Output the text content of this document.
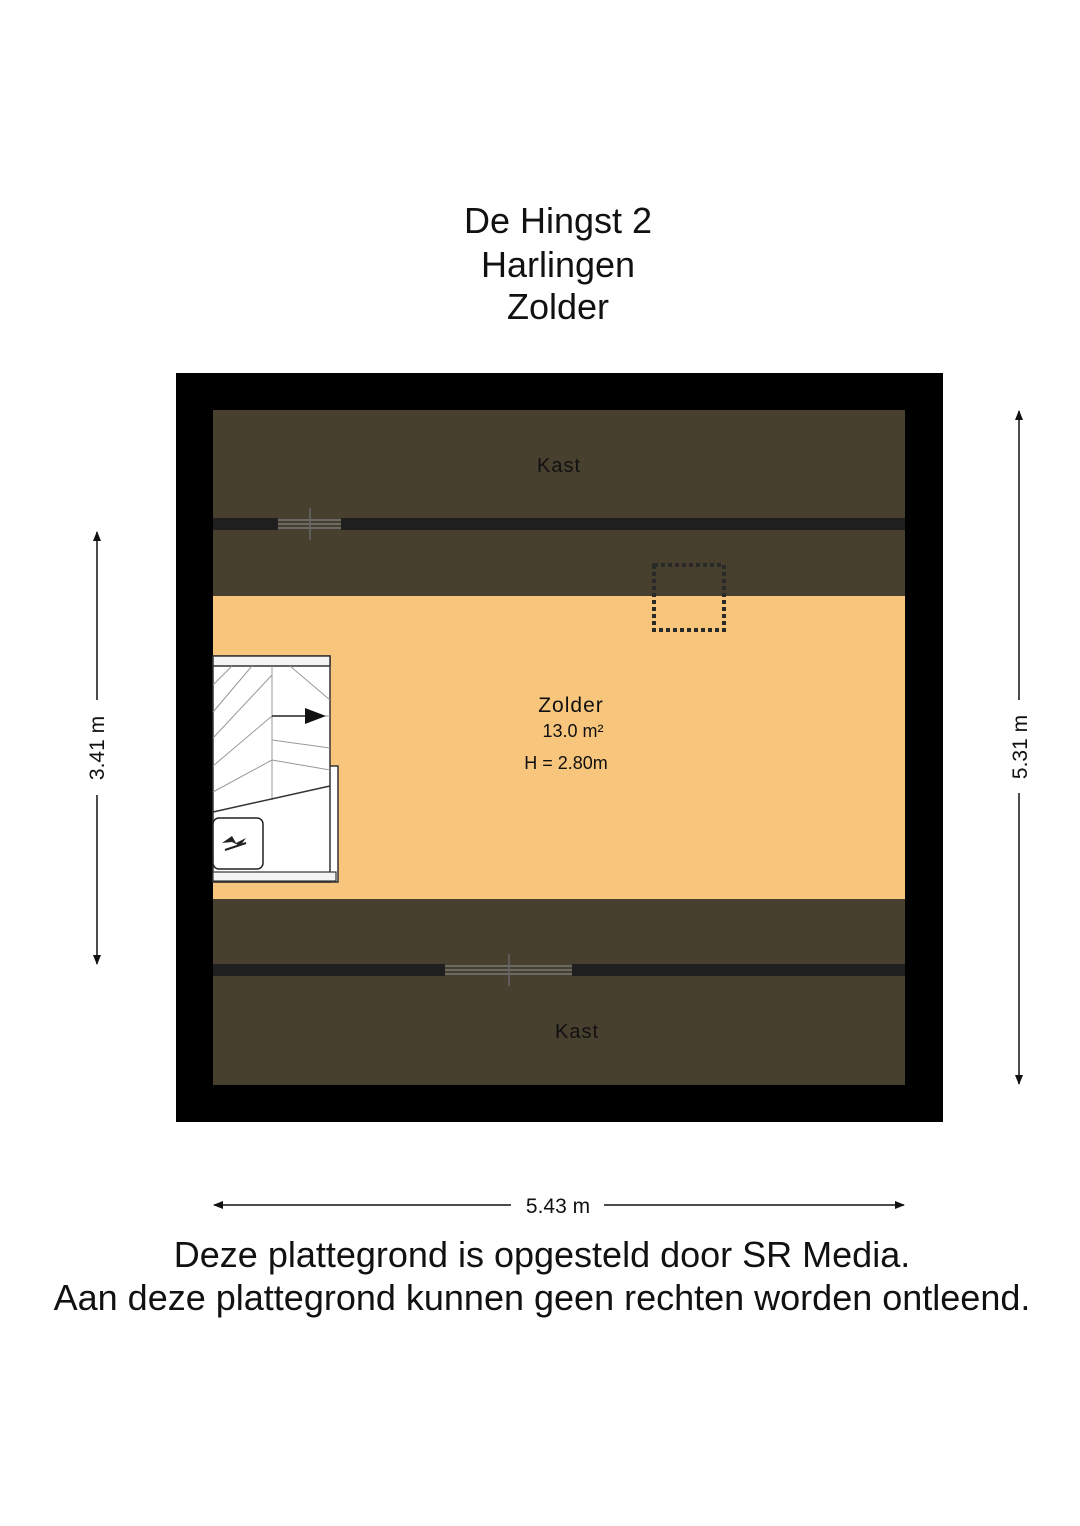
De Hingst 2
Harlingen
Zolder
Kast
Kast
Zolder
13.0 m²
H = 2.80m
3.41 m	5.31 m
5.43 m
Deze plattegrond is opgesteld door SR Media.
Aan deze plattegrond kunnen geen rechten worden ontleend.
